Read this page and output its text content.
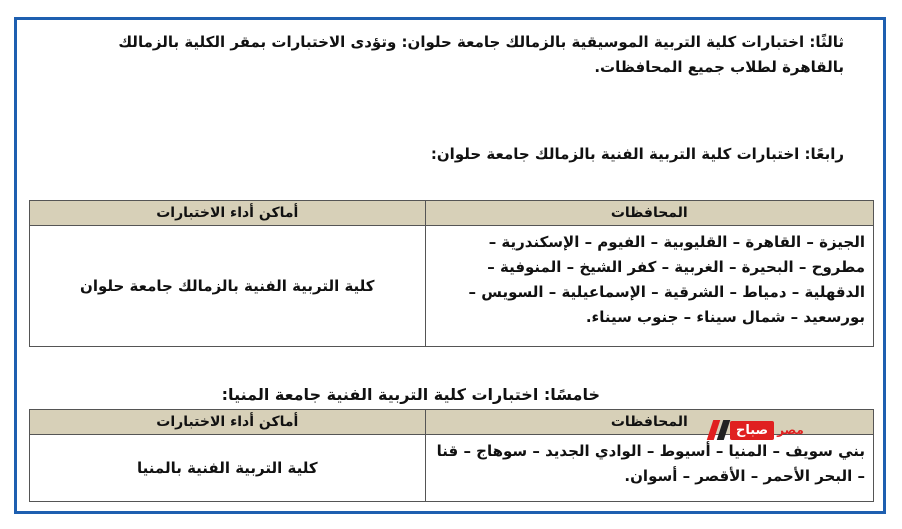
ثالثًا: اختبارات كلية التربية الموسيقية بالزمالك جامعة حلوان: وتؤدى الاختبارات بمقر الكلية بالزمالك بالقاهرة لطلاب جميع المحافظات.
رابعًا: اختبارات كلية التربية الفنية بالزمالك جامعة حلوان:
المحافظات	أماكن أداء الاختبارات
الجيزة – القاهرة – القليوبية – الفيوم – الإسكندرية – مطروح – البحيرة – الغربية – كفر الشيخ – المنوفية – الدقهلية – دمياط – الشرقية – الإسماعيلية – السويس – بورسعيد – شمال سيناء – جنوب سيناء.	كلية التربية الفنية بالزمالك جامعة حلوان
خامسًا: اختبارات كلية التربية الفنية جامعة المنيا:
المحافظات	أماكن أداء الاختبارات
بني سويف – المنيا – أسيوط – الوادي الجديد – سوهاج – قنا – البحر الأحمر – الأقصر – أسوان.	كلية التربية الفنية بالمنيا
صباح مصر
